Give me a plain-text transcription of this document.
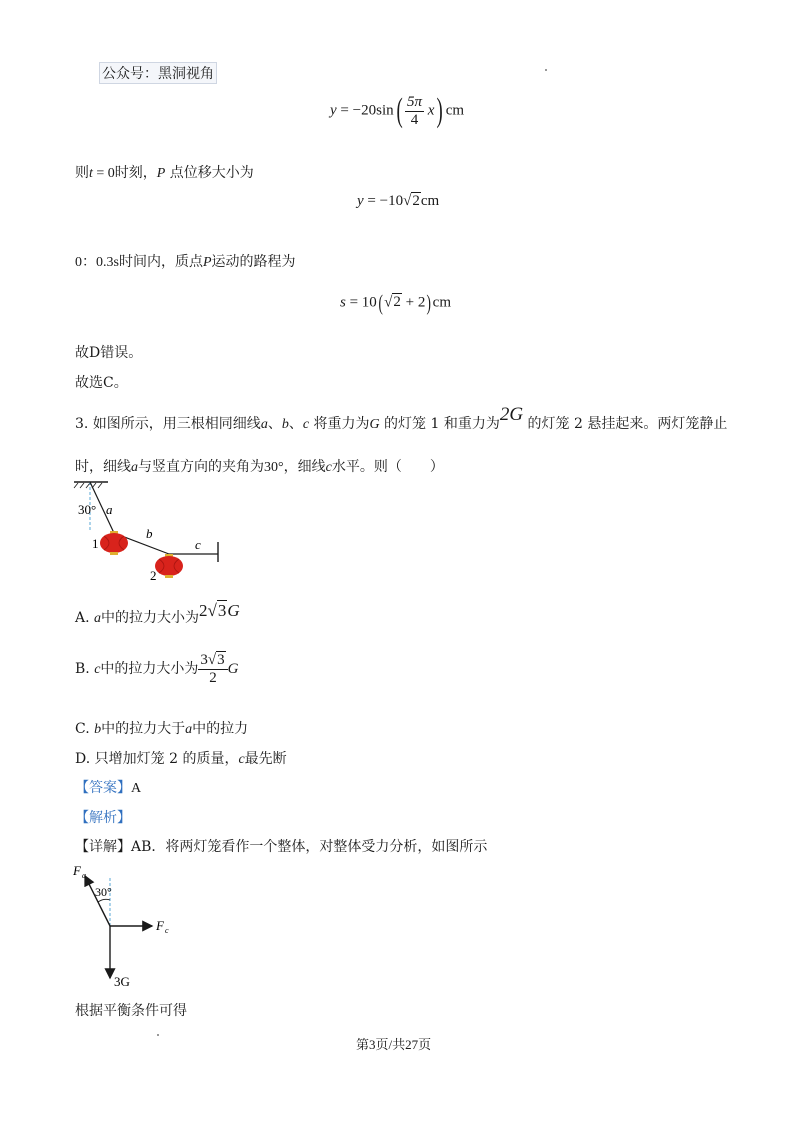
公众号：黑洞视角
$y = -20\sin( \frac{5\pi}{4} x)$ cm
则t = 0时刻，P 点位移大小为
y = −10√2cm
0：0.3s时间内，质点P运动的路程为
s = 10(√2 + 2)cm
故D错误。
故选C。
3. 如图所示，用三根相同细线a、b、c 将重力为G 的灯笼 1 和重力为2G 的灯笼 2 悬挂起来。两灯笼静止
时，细线a与竖直方向的夹角为30°，细线c水平。则（　　）
30° a
b
c
1
2
A. a中的拉力大小为2√3G
B. c中的拉力大小为 $\frac{3√3}{2}$ G
C. b中的拉力大于a中的拉力
D. 只增加灯笼 2 的质量，c最先断
【答案】A
【解析】
【详解】AB．将两灯笼看作一个整体，对整体受力分析，如图所示
F a
30°
F c
3G
根据平衡条件可得
第3页/共27页
